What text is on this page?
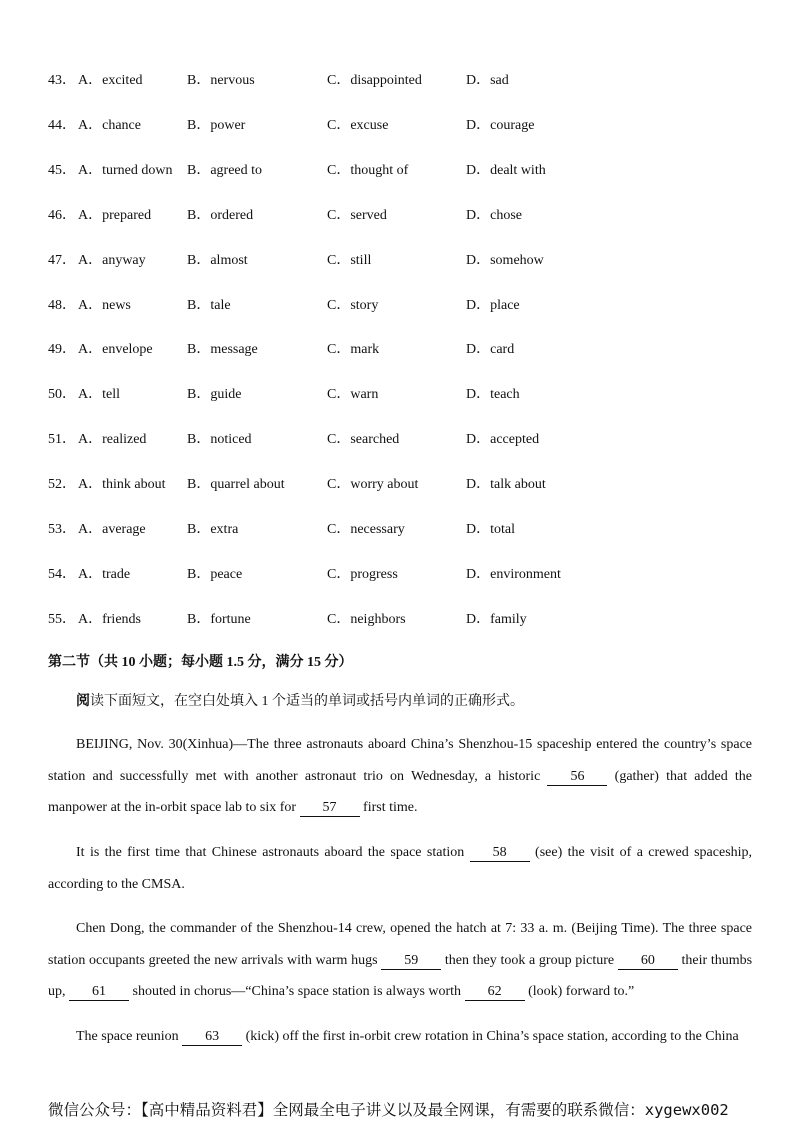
43． A．excited	B．nervous	C．disappointed	D．sad
44． A．chance	B．power	C．excuse	D．courage
45． A．turned down B．agreed to	C．thought of	D．dealt with
46． A．prepared	B．ordered	C．served	D．chose
47． A．anyway	B．almost	C．still	D．somehow
48． A．news	B．tale	C．story	D．place
49． A．envelope B．message	C．mark	D．card
50． A．tell	B．guide	C．warn	D．teach
51． A．realized	B．noticed	C．searched	D．accepted
52． A．think about B．quarrel about	C．worry about	D．talk about
53． A．average	B．extra	C．necessary	D．total
54． A．trade	B．peace	C．progress	D．environment
55． A．friends	B．fortune	C．neighbors	D．family
第二节（共 10 小题；每小题 1.5 分，满分 15 分）
阅读下面短文，在空白处填入 1 个适当的单词或括号内单词的正确形式。

BEIJING, Nov. 30(Xinhua)—The three astronauts aboard China’s Shenzhou-15 spaceship entered the country’s space station and successfully met with another astronaut trio on Wednesday, a historic 56 (gather) that added the manpower at the in-orbit space lab to six for 57 first time.

It is the first time that Chinese astronauts aboard the space station 58 (see) the visit of a crewed spaceship, according to the CMSA.

Chen Dong, the commander of the Shenzhou-14 crew, opened the hatch at 7: 33 a. m. (Beijing Time). The three space station occupants greeted the new arrivals with warm hugs 59 then they took a group picture 60 their thumbs up, 61 shouted in chorus—“China’s space station is always worth 62 (look) forward to.”

The space reunion 63 (kick) off the first in-orbit crew rotation in China’s space station, according to the China

微信公众号：【高中精品资料君】全网最全电子讲义以及最全网课，有需要的联系微信：xygewx002
